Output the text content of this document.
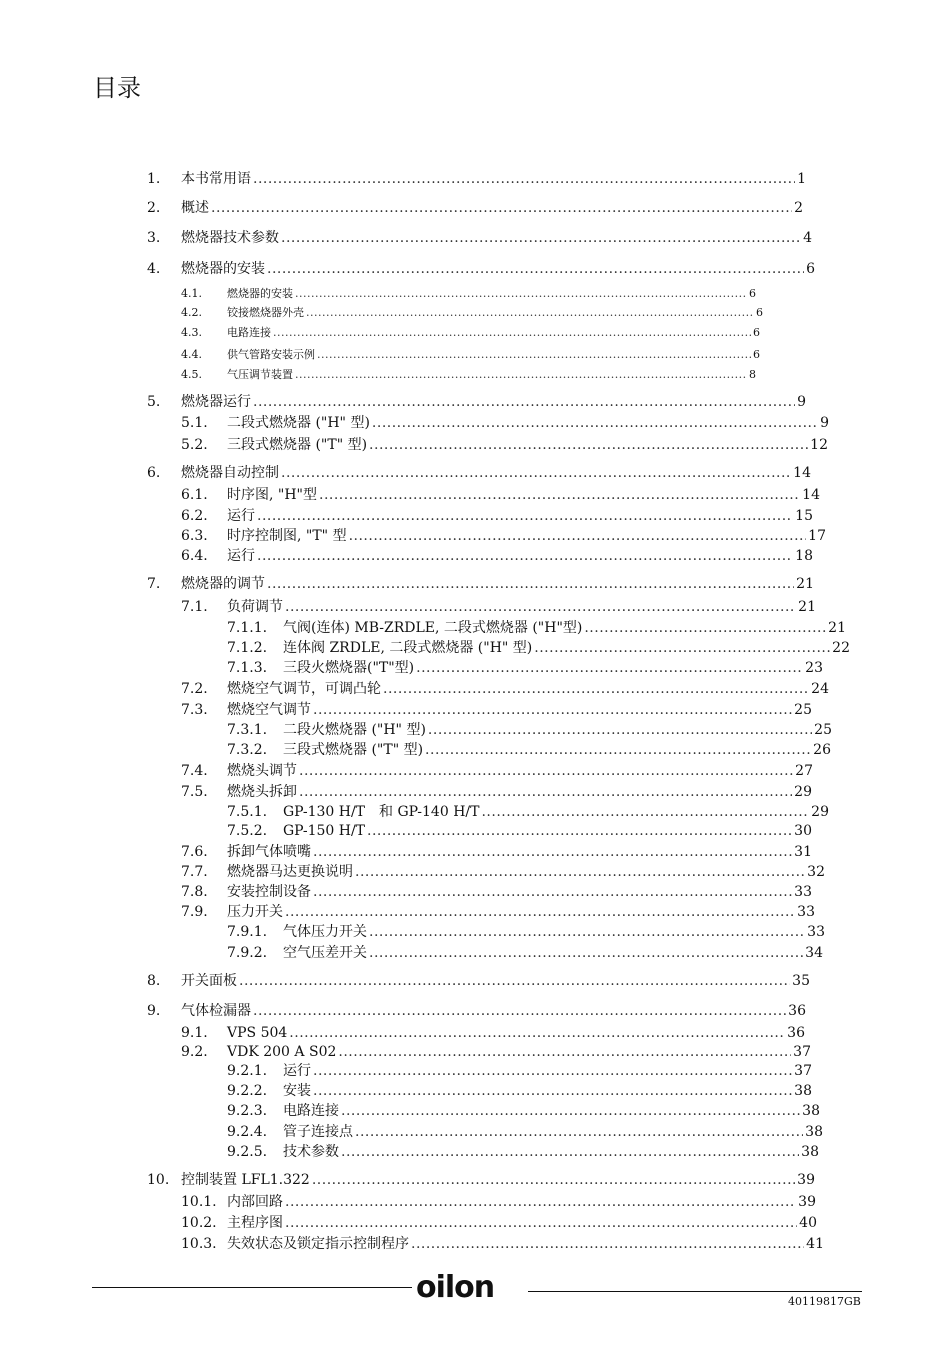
目录
1.	本书常用语 .....	1
2.	概述 .....	2
3.	燃烧器技术参数 .....	4
4.	燃烧器的安装 .....	6
4.1.	燃烧器的安装 .....	6
4.2.	铰接燃烧器外壳 .....	6
4.3.	电路连接 .....	6
4.4.	供气管路安装示例 .....	6
4.5.	气压调节装置 .....	8
5.	燃烧器运行 .....	9
5.1.	二段式燃烧器 ("H" 型) .....	9
5.2.	三段式燃烧器 ("T" 型) .....	12
6.	燃烧器自动控制 .....	14
6.1.	时序图, "H"型 .....	14
6.2.	运行 .....	15
6.3.	时序控制图, "T" 型 .....	17
6.4.	运行 .....	18
7.	燃烧器的调节 .....	21
7.1.	负荷调节 .....	21
7.1.1.	气阀(连体) MB-ZRDLE, 二段式燃烧器 ("H"型) .....	21
7.1.2.	连体阀 ZRDLE, 二段式燃烧器 ("H" 型) .....	22
7.1.3.	三段火燃烧器("T"型) .....	23
7.2.	燃烧空气调节，可调凸轮 .....	24
7.3.	燃烧空气调节 .....	25
7.3.1.	二段火燃烧器 ("H" 型) .....	25
7.3.2.	三段式燃烧器 ("T" 型) .....	26
7.4.	燃烧头调节 .....	27
7.5.	燃烧头拆卸 .....	29
7.5.1.	GP-130 H/T　和 GP-140 H/T .....	29
7.5.2.	GP-150 H/T .....	30
7.6.	拆卸气体喷嘴 .....	31
7.7.	燃烧器马达更换说明 .....	32
7.8.	安装控制设备 .....	33
7.9.	压力开关 .....	33
7.9.1.	气体压力开关 .....	33
7.9.2.	空气压差开关 .....	34
8.	开关面板 .....	35
9.	气体检漏器 .....	36
9.1.	VPS 504 .....	36
9.2.	VDK 200 A S02 .....	37
9.2.1.	运行 .....	37
9.2.2.	安装 .....	38
9.2.3.	电路连接 .....	38
9.2.4.	管子连接点 .....	38
9.2.5.	技术参数 .....	38
10. 控制装置 LFL1.322 .....	39
10.1. 内部回路 .....	39
10.2. 主程序图 .....	40
10.3. 失效状态及锁定指示控制程序 .....	41
oilon	40119817GB
